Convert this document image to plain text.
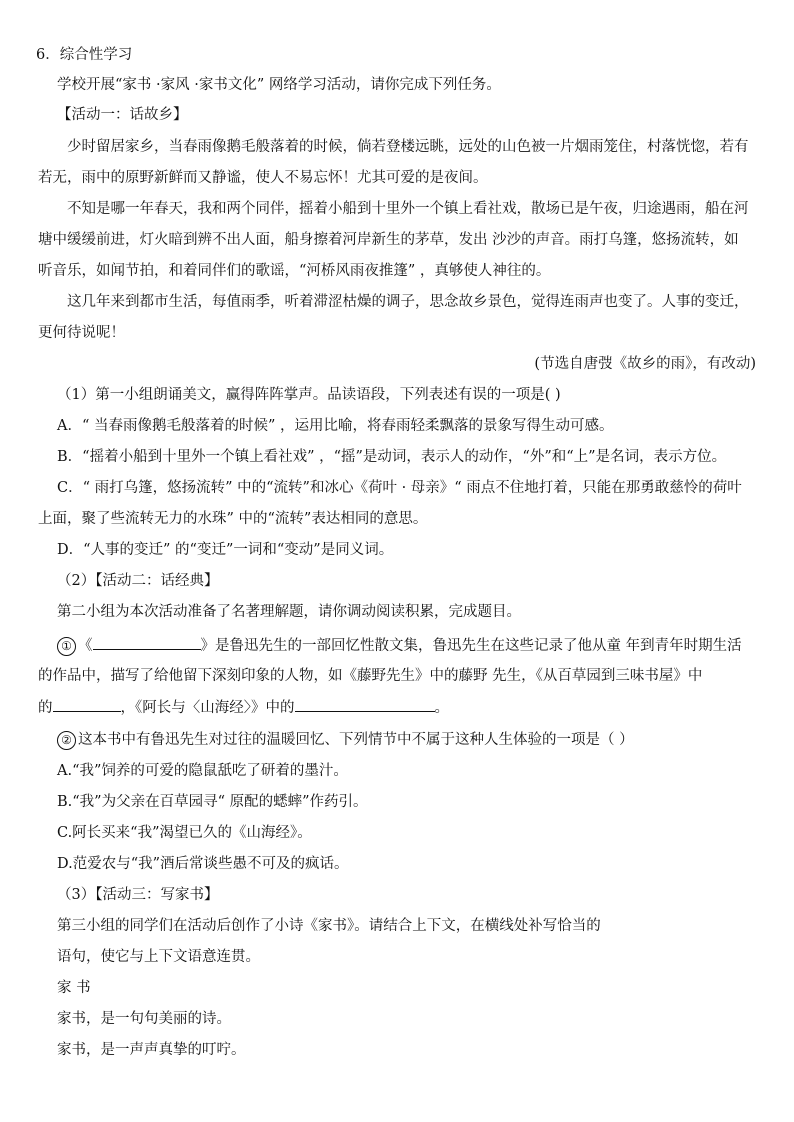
6．综合性学习
学校开展“家书 ·家风 ·家书文化” 网络学习活动，请你完成下列任务。
【活动一：话故乡】
少时留居家乡，当春雨像鹅毛般落着的时候，倘若登楼远眺，远处的山色被一片烟雨笼住，村落恍惚，若有
若无，雨中的原野新鲜而又静谧，使人不易忘怀！尤其可爱的是夜间。
不知是哪一年春天，我和两个同伴，摇着小船到十里外一个镇上看社戏，散场已是午夜，归途遇雨，船在河
塘中缓缓前进，灯火暗到辨不出人面，船身擦着河岸新生的茅草，发出 沙沙的声音。雨打乌篷，悠扬流转，如
听音乐，如闻节拍，和着同伴们的歌谣，“河桥风雨夜推篷” ，真够使人神往的。
这几年来到都市生活，每值雨季，听着滞涩枯燥的调子，思念故乡景色，觉得连雨声也变了。人事的变迁，
更何待说呢！
(节选自唐弢《故乡的雨》，有改动)
（1）第一小组朗诵美文，赢得阵阵掌声。品读语段，下列表述有误的一项是( )
A．“ 当春雨像鹅毛般落着的时候” ，运用比喻，将春雨轻柔飘落的景象写得生动可感。
B．“摇着小船到十里外一个镇上看社戏” ，“摇”是动词，表示人的动作，“外”和“上”是名词，表示方位。
C．“ 雨打乌篷，悠扬流转” 中的“流转”和冰心《荷叶 · 母亲》“ 雨点不住地打着，只能在那勇敢慈怜的荷叶
上面，聚了些流转无力的水珠” 中的“流转”表达相同的意思。
D．“人事的变迁” 的“变迁”一词和“变动”是同义词。
（2）【活动二：话经典】
第二小组为本次活动准备了名著理解题，请你调动阅读积累，完成题目。
① 《	》是鲁迅先生的一部回忆性散文集，鲁迅先生在这些记录了他从童 年到青年时期生活
的作品中，描写了给他留下深刻印象的人物，如《藤野先生》中的藤野 先生，《从百草园到三味书屋》中
的	，《阿长与〈山海经〉》中的	。
② 这本书中有鲁迅先生对过往的温暖回忆、下列情节中不属于这种人生体验的一项是（ ）
A.“我”饲养的可爱的隐鼠舐吃了研着的墨汁。
B.“我”为父亲在百草园寻“ 原配的蟋蟀”作药引。
C.阿长买来“我”渴望已久的《山海经》。
D.范爱农与“我”酒后常谈些愚不可及的疯话。
（3）【活动三：写家书】
第三小组的同学们在活动后创作了小诗《家书》。请结合上下文，在横线处补写恰当的
语句，使它与上下文语意连贯。
家 书
家书，是一句句美丽的诗。
家书，是一声声真挚的叮咛。
